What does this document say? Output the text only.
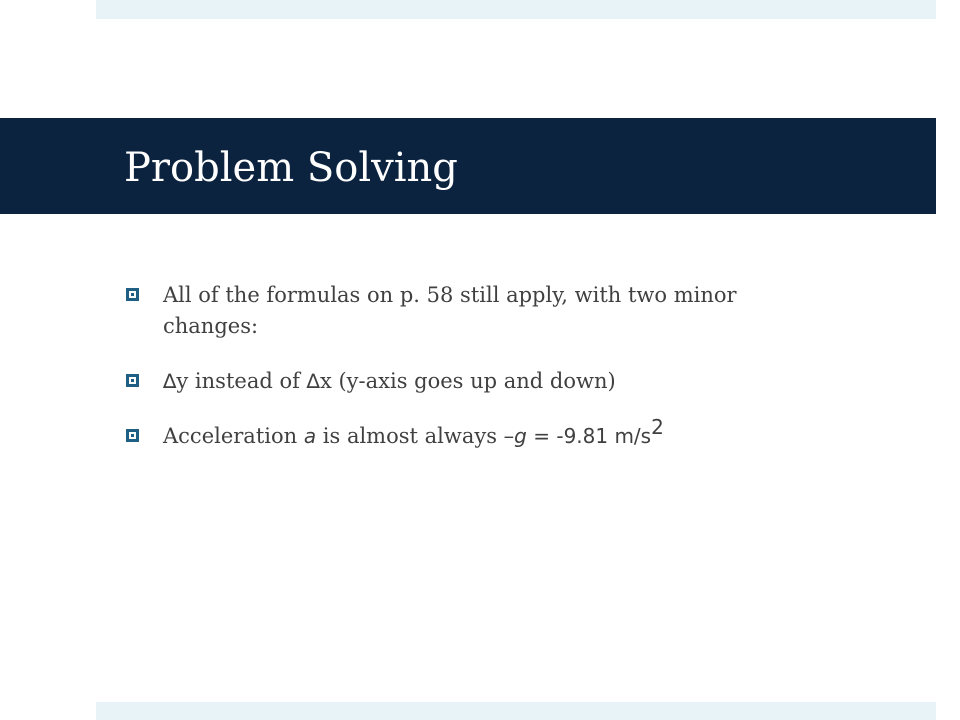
Problem Solving
All of the formulas on p. 58 still apply, with two minor changes:
∆y instead of ∆x (y-axis goes up and down)
Acceleration a is almost always –g = -9.81 $m/s^2$
